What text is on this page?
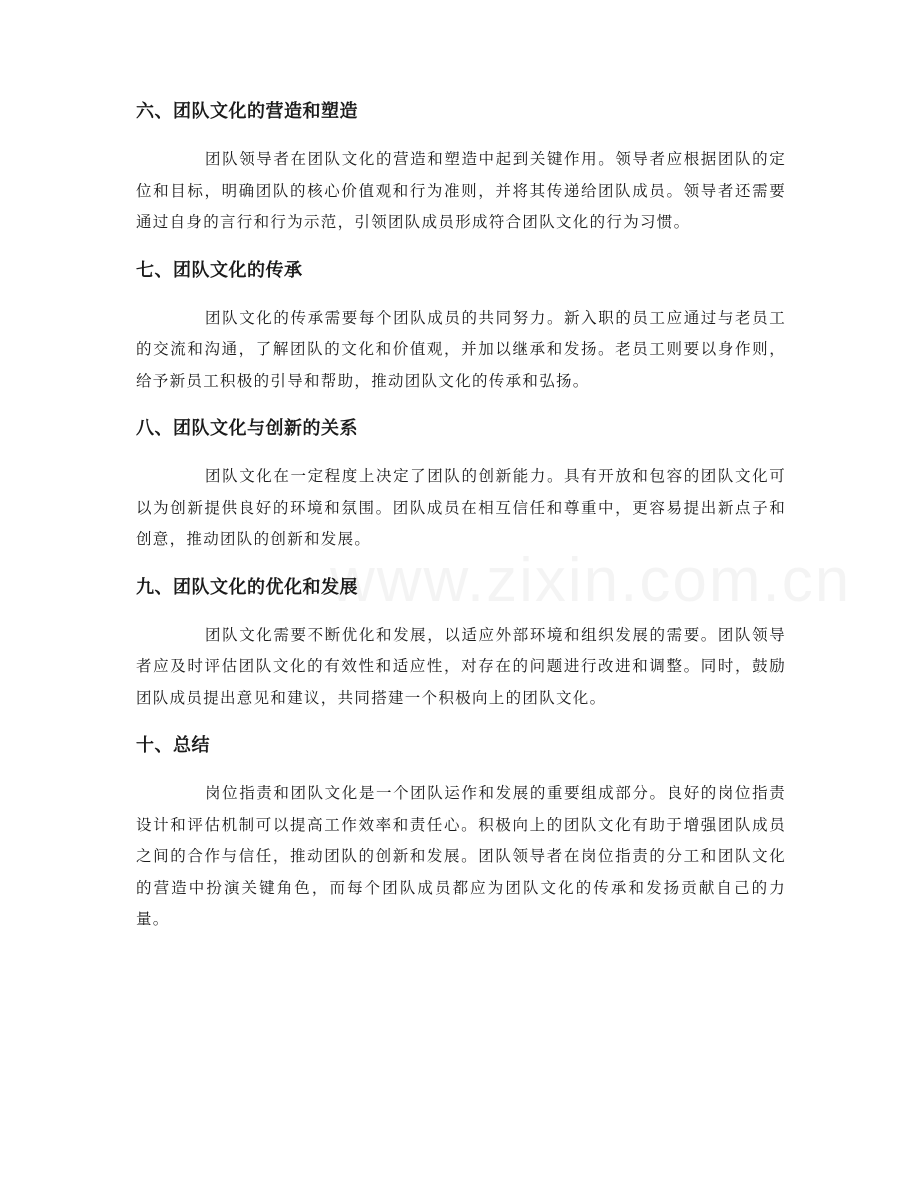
六、团队文化的营造和塑造

团队领导者在团队文化的营造和塑造中起到关键作用。领导者应根据团队的定位和目标，明确团队的核心价值观和行为准则，并将其传递给团队成员。领导者还需要通过自身的言行和行为示范，引领团队成员形成符合团队文化的行为习惯。

七、团队文化的传承

团队文化的传承需要每个团队成员的共同努力。新入职的员工应通过与老员工的交流和沟通，了解团队的文化和价值观，并加以继承和发扬。老员工则要以身作则，给予新员工积极的引导和帮助，推动团队文化的传承和弘扬。

八、团队文化与创新的关系

团队文化在一定程度上决定了团队的创新能力。具有开放和包容的团队文化可以为创新提供良好的环境和氛围。团队成员在相互信任和尊重中，更容易提出新点子和创意，推动团队的创新和发展。

九、团队文化的优化和发展

团队文化需要不断优化和发展，以适应外部环境和组织发展的需要。团队领导者应及时评估团队文化的有效性和适应性，对存在的问题进行改进和调整。同时，鼓励团队成员提出意见和建议，共同搭建一个积极向上的团队文化。

十、总结

岗位指责和团队文化是一个团队运作和发展的重要组成部分。良好的岗位指责设计和评估机制可以提高工作效率和责任心。积极向上的团队文化有助于增强团队成员之间的合作与信任，推动团队的创新和发展。团队领导者在岗位指责的分工和团队文化的营造中扮演关键角色，而每个团队成员都应为团队文化的传承和发扬贡献自己的力量。
